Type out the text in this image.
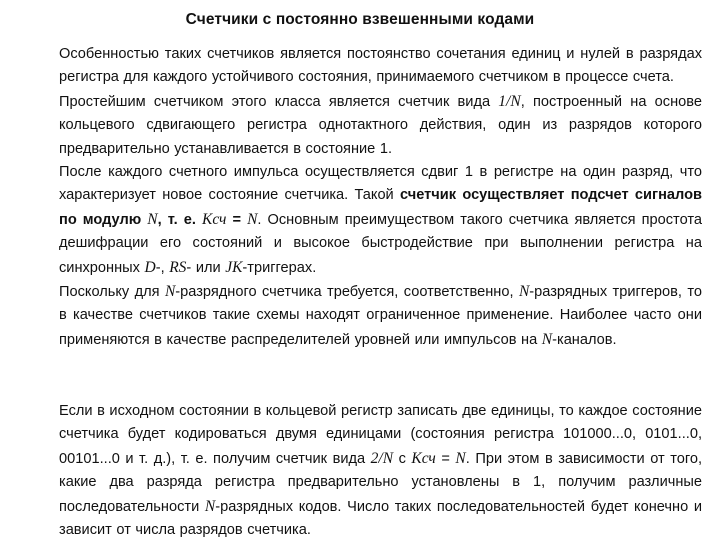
Счетчики с постоянно взвешенными кодами
Особенностью таких счетчиков является постоянство сочетания единиц и нулей в разрядах регистра для каждого устойчивого состояния, принимаемого счетчиком в процессе счета.
Простейшим счетчиком этого класса является счетчик вида 1/N, построенный на основе кольцевого сдвигающего регистра однотактного действия, один из разрядов которого предварительно устанавливается в состояние 1.
После каждого счетного импульса осуществляется сдвиг 1 в регистре на один разряд, что характеризует новое состояние счетчика. Такой счетчик осуществляет подсчет сигналов по модулю N, т. е. Kсч = N. Основным преимуществом такого счетчика является простота дешифрации его состояний и высокое быстродействие при выполнении регистра на синхронных D-, RS- или JK-триггерах.
Поскольку для N-разрядного счетчика требуется, соответственно, N-разрядных триггеров, то в качестве счетчиков такие схемы находят ограниченное применение. Наиболее часто они применяются в качестве распределителей уровней или импульсов на N-каналов.
Если в исходном состоянии в кольцевой регистр записать две единицы, то каждое состояние счетчика будет кодироваться двумя единицами (состояния регистра 101000...0, 0101...0, 00101...0 и т. д.), т. е. получим счетчик вида 2/N с Kсч = N. При этом в зависимости от того, какие два разряда регистра предварительно установлены в 1, получим различные последовательности N-разрядных кодов. Число таких последовательностей будет конечно и зависит от числа разрядов счетчика.
